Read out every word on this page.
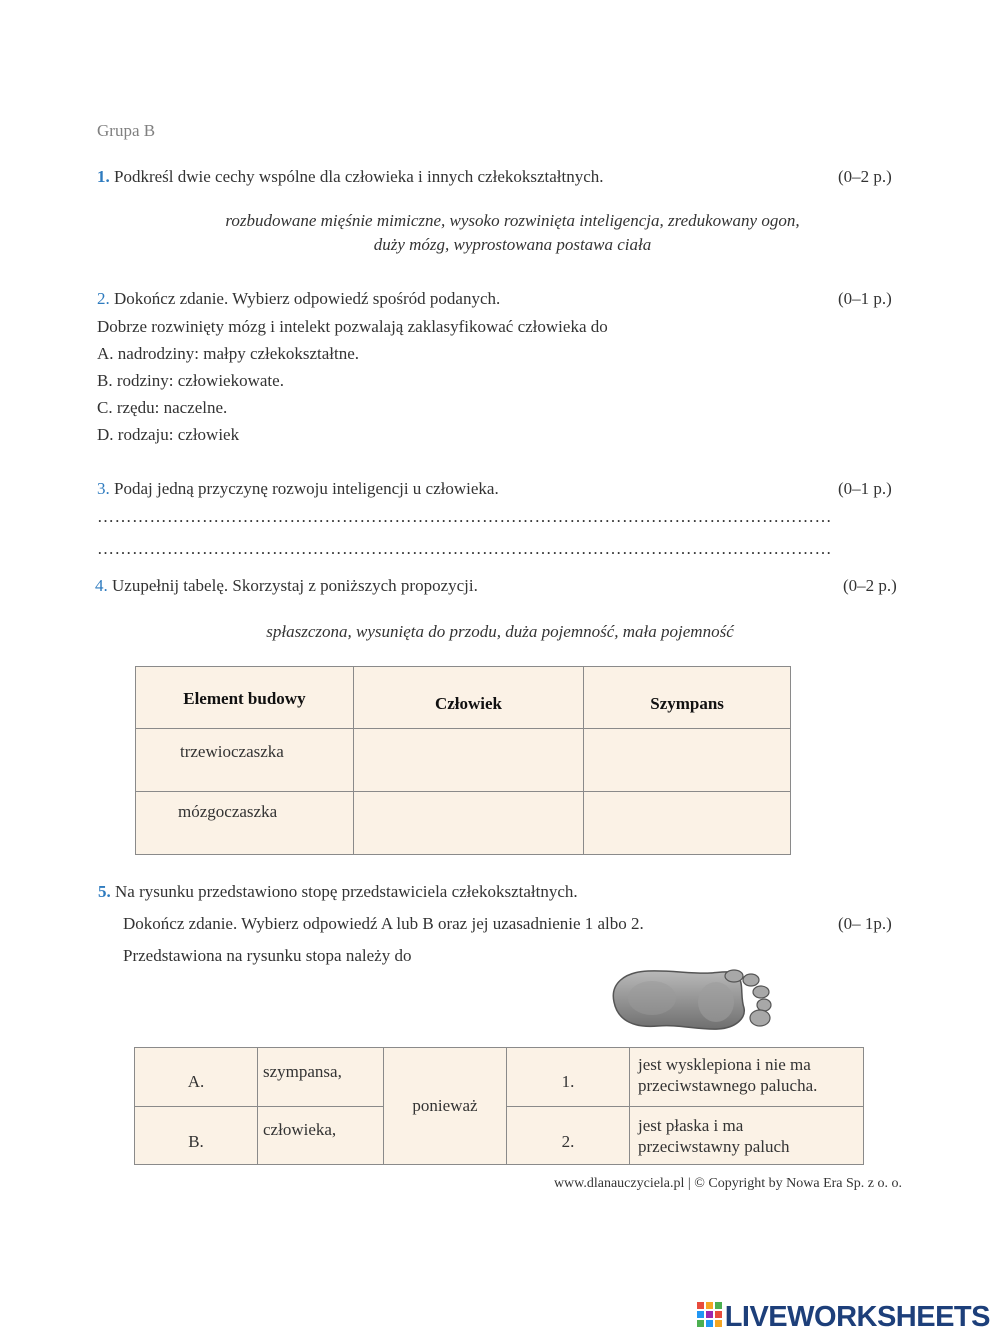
Grupa B
1. Podkreśl dwie cechy wspólne dla człowieka i innych człekokształtnych.	(0–2 p.)
rozbudowane mięśnie mimiczne, wysoko rozwinięta inteligencja, zredukowany ogon,
duży mózg, wyprostowana postawa ciała
2. Dokończ zdanie. Wybierz odpowiedź spośród podanych.	(0–1 p.)
Dobrze rozwinięty mózg i intelekt pozwalają zaklasyfikować człowieka do
A. nadrodziny: małpy człekokształtne.
B. rodziny: człowiekowate.
C. rzędu: naczelne.
D. rodzaju: człowiek
3. Podaj jedną przyczynę rozwoju inteligencji u człowieka.	(0–1 p.)
………………………………………………………………………………………………………………
………………………………………………………………………………………………………………
4. Uzupełnij tabelę. Skorzystaj z poniższych propozycji.	(0–2 p.)
spłaszczona, wysunięta do przodu, duża pojemność, mała pojemność
Element budowy	Człowiek	Szympans
trzewioczaszka		
mózgoczaszka		
5. Na rysunku przedstawiono stopę przedstawiciela człekokształtnych.
Dokończ zdanie. Wybierz odpowiedź A lub B oraz jej uzasadnienie 1 albo 2.	(0– 1p.)
Przedstawiona na rysunku stopa należy do
A.	szympansa,	ponieważ	1.	jest wysklepiona i nie ma
przeciwstawnego palucha.

B.	człowieka,		2.	jest płaska i ma
przeciwstawny paluch
www.dlanauczyciela.pl | © Copyright by Nowa Era Sp. z o. o.
LIVEWORKSHEETS
